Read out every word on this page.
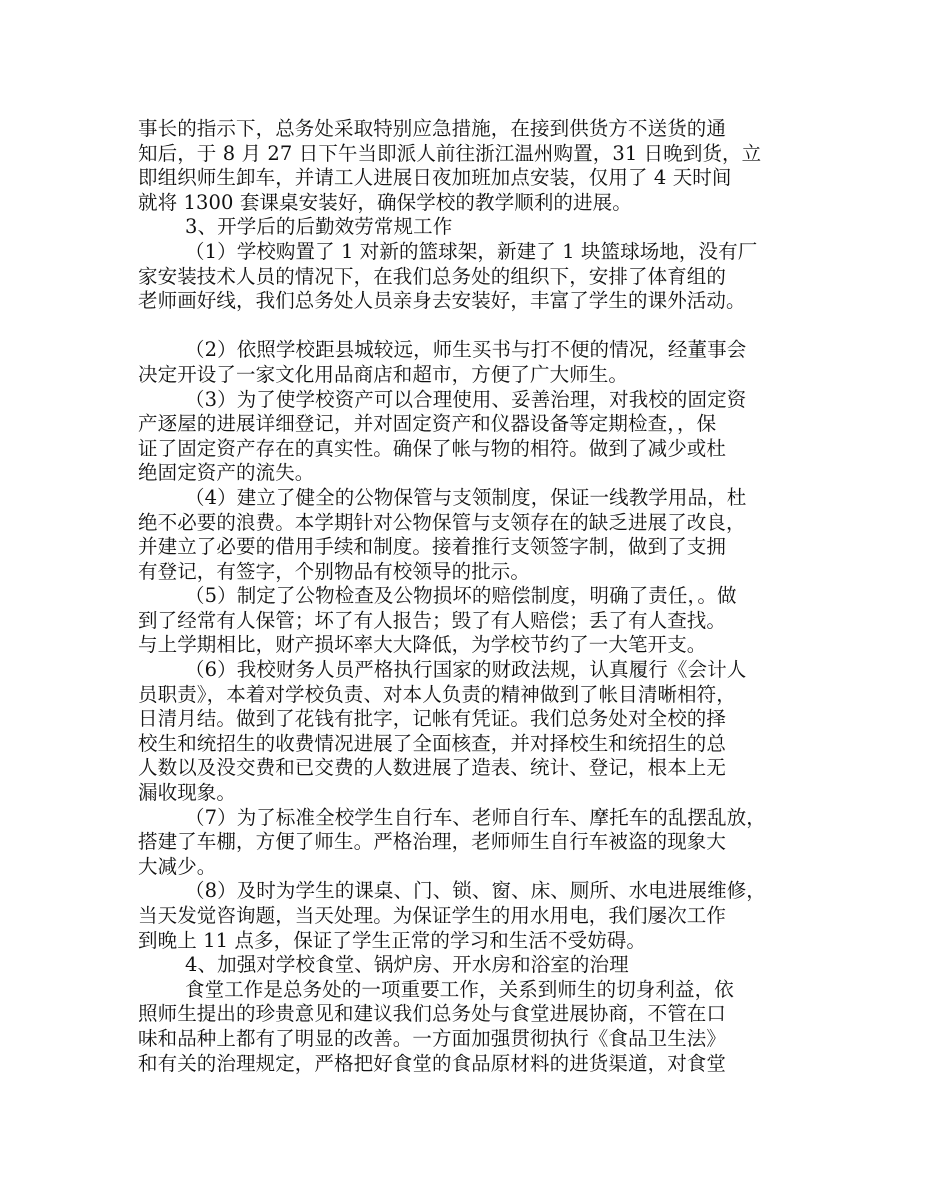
事长的指示下，总务处采取特别应急措施，在接到供货方不送货的通
知后，于 8 月 27 日下午当即派人前往浙江温州购置，31 日晚到货，立
即组织师生卸车，并请工人进展日夜加班加点安装，仅用了 4 天时间
就将 1300 套课桌安装好，确保学校的教学顺利的进展。
3、开学后的后勤效劳常规工作
（1）学校购置了 1 对新的篮球架，新建了 1 块篮球场地，没有厂
家安装技术人员的情况下，在我们总务处的组织下，安排了体育组的
老师画好线，我们总务处人员亲身去安装好，丰富了学生的课外活动。
（2）依照学校距县城较远，师生买书与打不便的情况，经董事会
决定开设了一家文化用品商店和超市，方便了广大师生。
（3）为了使学校资产可以合理使用、妥善治理，对我校的固定资
产逐屋的进展详细登记，并对固定资产和仪器设备等定期检查，，保
证了固定资产存在的真实性。确保了帐与物的相符。做到了减少或杜
绝固定资产的流失。
（4）建立了健全的公物保管与支领制度，保证一线教学用品，杜
绝不必要的浪费。本学期针对公物保管与支领存在的缺乏进展了改良，
并建立了必要的借用手续和制度。接着推行支领签字制，做到了支拥
有登记，有签字，个别物品有校领导的批示。
（5）制定了公物检查及公物损坏的赔偿制度，明确了责任，。做
到了经常有人保管；坏了有人报告；毁了有人赔偿；丢了有人查找。
与上学期相比，财产损坏率大大降低，为学校节约了一大笔开支。
（6）我校财务人员严格执行国家的财政法规，认真履行《会计人
员职责》，本着对学校负责、对本人负责的精神做到了帐目清晰相符，
日清月结。做到了花钱有批字，记帐有凭证。我们总务处对全校的择
校生和统招生的收费情况进展了全面核查，并对择校生和统招生的总
人数以及没交费和已交费的人数进展了造表、统计、登记，根本上无
漏收现象。
（7）为了标准全校学生自行车、老师自行车、摩托车的乱摆乱放，
搭建了车棚，方便了师生。严格治理，老师师生自行车被盗的现象大
大减少。
（8）及时为学生的课桌、门、锁、窗、床、厕所、水电进展维修，
当天发觉咨询题，当天处理。为保证学生的用水用电，我们屡次工作
到晚上 11 点多，保证了学生正常的学习和生活不受妨碍。
4、加强对学校食堂、锅炉房、开水房和浴室的治理
食堂工作是总务处的一项重要工作，关系到师生的切身利益，依
照师生提出的珍贵意见和建议我们总务处与食堂进展协商，不管在口
味和品种上都有了明显的改善。一方面加强贯彻执行《食品卫生法》
和有关的治理规定，严格把好食堂的食品原材料的进货渠道，对食堂
